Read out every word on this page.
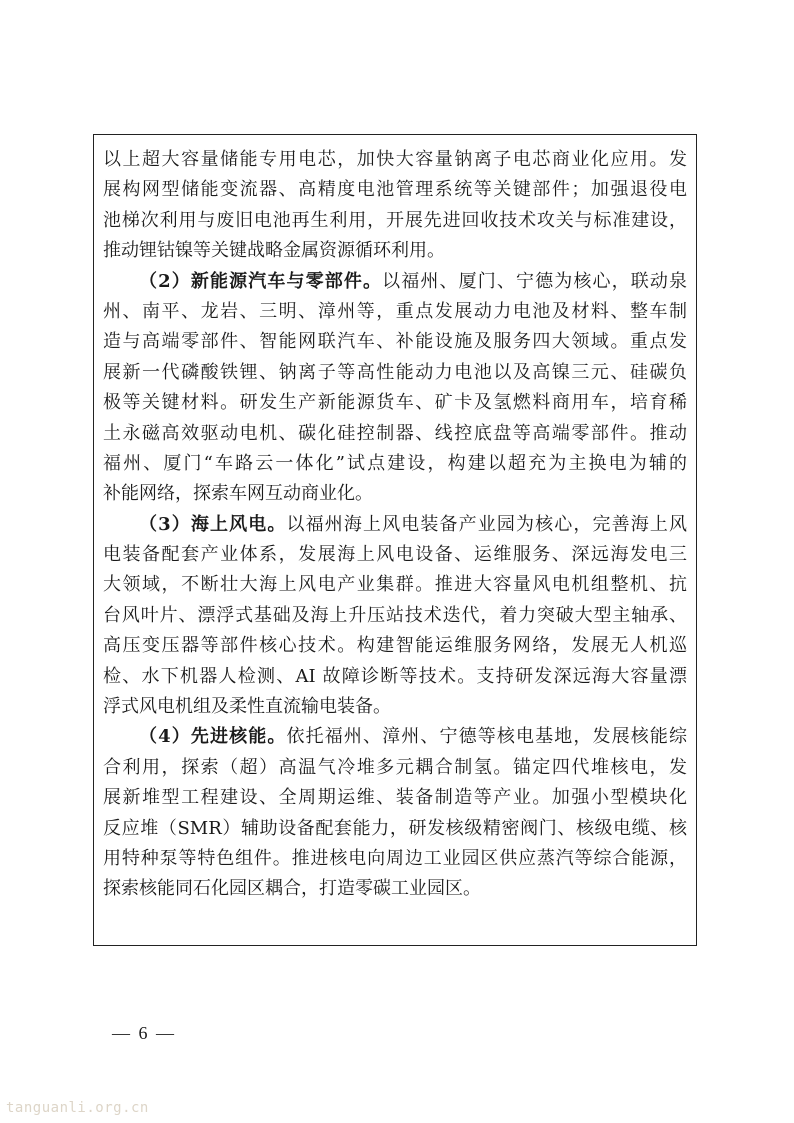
以上超大容量储能专用电芯，加快大容量钠离子电芯商业化应用。发
展构网型储能变流器、高精度电池管理系统等关键部件；加强退役电
池梯次利用与废旧电池再生利用，开展先进回收技术攻关与标准建设，
推动锂钴镍等关键战略金属资源循环利用。
（2）新能源汽车与零部件。以福州、厦门、宁德为核心，联动泉
州、南平、龙岩、三明、漳州等，重点发展动力电池及材料、整车制
造与高端零部件、智能网联汽车、补能设施及服务四大领域。重点发
展新一代磷酸铁锂、钠离子等高性能动力电池以及高镍三元、硅碳负
极等关键材料。研发生产新能源货车、矿卡及氢燃料商用车，培育稀
土永磁高效驱动电机、碳化硅控制器、线控底盘等高端零部件。推动
福州、厦门“车路云一体化”试点建设，构建以超充为主换电为辅的
补能网络，探索车网互动商业化。
（3）海上风电。以福州海上风电装备产业园为核心，完善海上风
电装备配套产业体系，发展海上风电设备、运维服务、深远海发电三
大领域，不断壮大海上风电产业集群。推进大容量风电机组整机、抗
台风叶片、漂浮式基础及海上升压站技术迭代，着力突破大型主轴承、
高压变压器等部件核心技术。构建智能运维服务网络，发展无人机巡
检、水下机器人检测、AI 故障诊断等技术。支持研发深远海大容量漂
浮式风电机组及柔性直流输电装备。
（4）先进核能。依托福州、漳州、宁德等核电基地，发展核能综
合利用，探索（超）高温气冷堆多元耦合制氢。锚定四代堆核电，发
展新堆型工程建设、全周期运维、装备制造等产业。加强小型模块化
反应堆（SMR）辅助设备配套能力，研发核级精密阀门、核级电缆、核
用特种泵等特色组件。推进核电向周边工业园区供应蒸汽等综合能源，
探索核能同石化园区耦合，打造零碳工业园区。
— 6 —
tanguanli.org.cn
